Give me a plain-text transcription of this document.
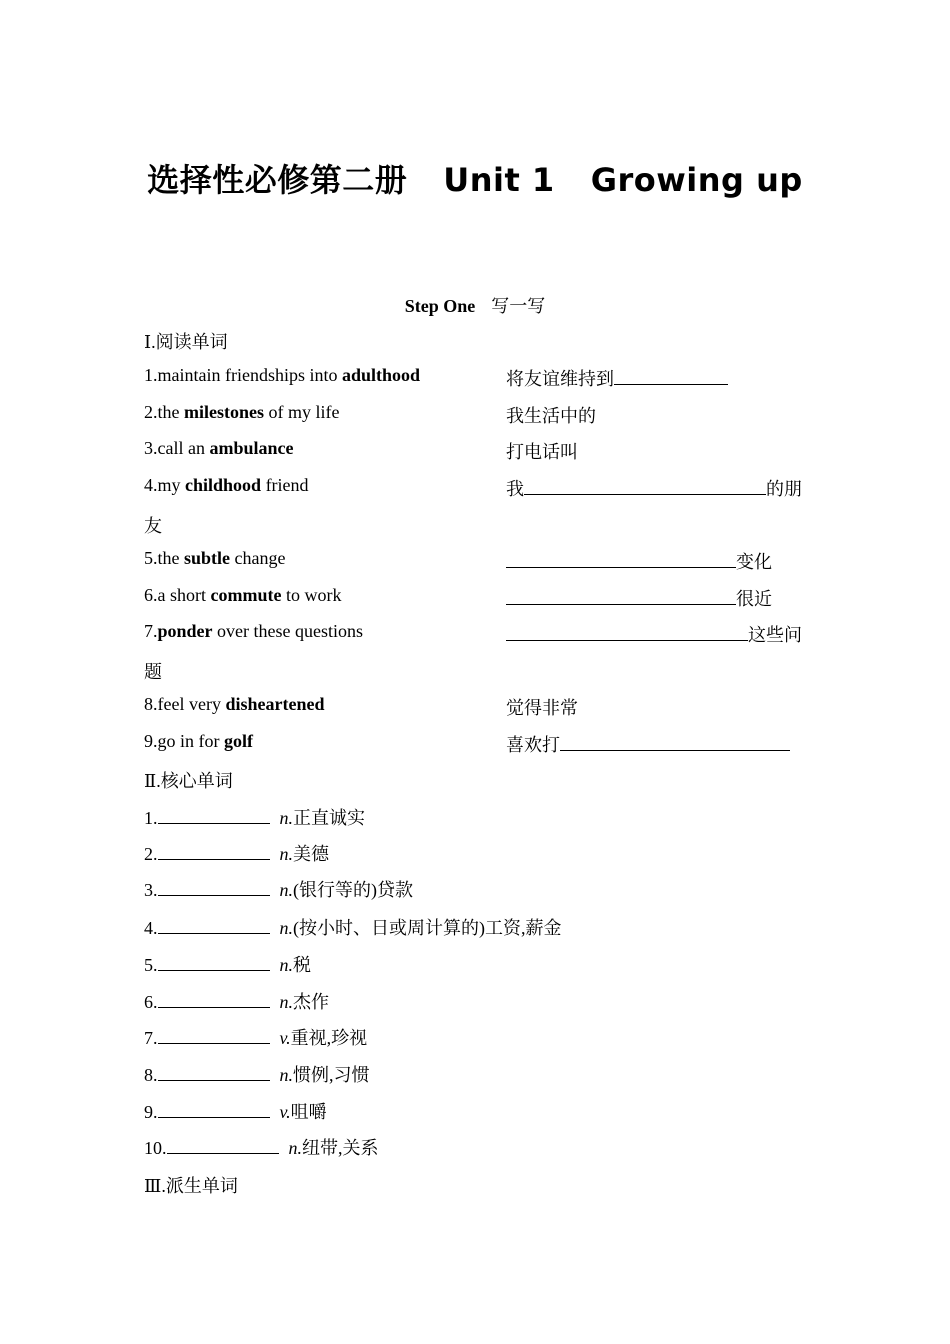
选择性必修第二册 Unit 1 Growing up
Step One 写一写
Ⅰ.阅读单词
1.maintain friendships into adulthood	将友谊维持到
2.the milestones of my life	我生活中的
3.call an ambulance	打电话叫
4.my childhood friend	我	的朋
友
5.the subtle change	变化
6.a short commute to work	很近
7.ponder over these questions	这些问
题
8.feel very disheartened	觉得非常
9.go in for golf	喜欢打
Ⅱ.核心单词
1.	n.正直诚实
2.	n.美德
3.	n.(银行等的)贷款
4.	n.(按小时、日或周计算的)工资,薪金
5.	n.税
6.	n.杰作
7.	v.重视,珍视
8.	n.惯例,习惯
9.	v.咀嚼
10.	n.纽带,关系
Ⅲ.派生单词
